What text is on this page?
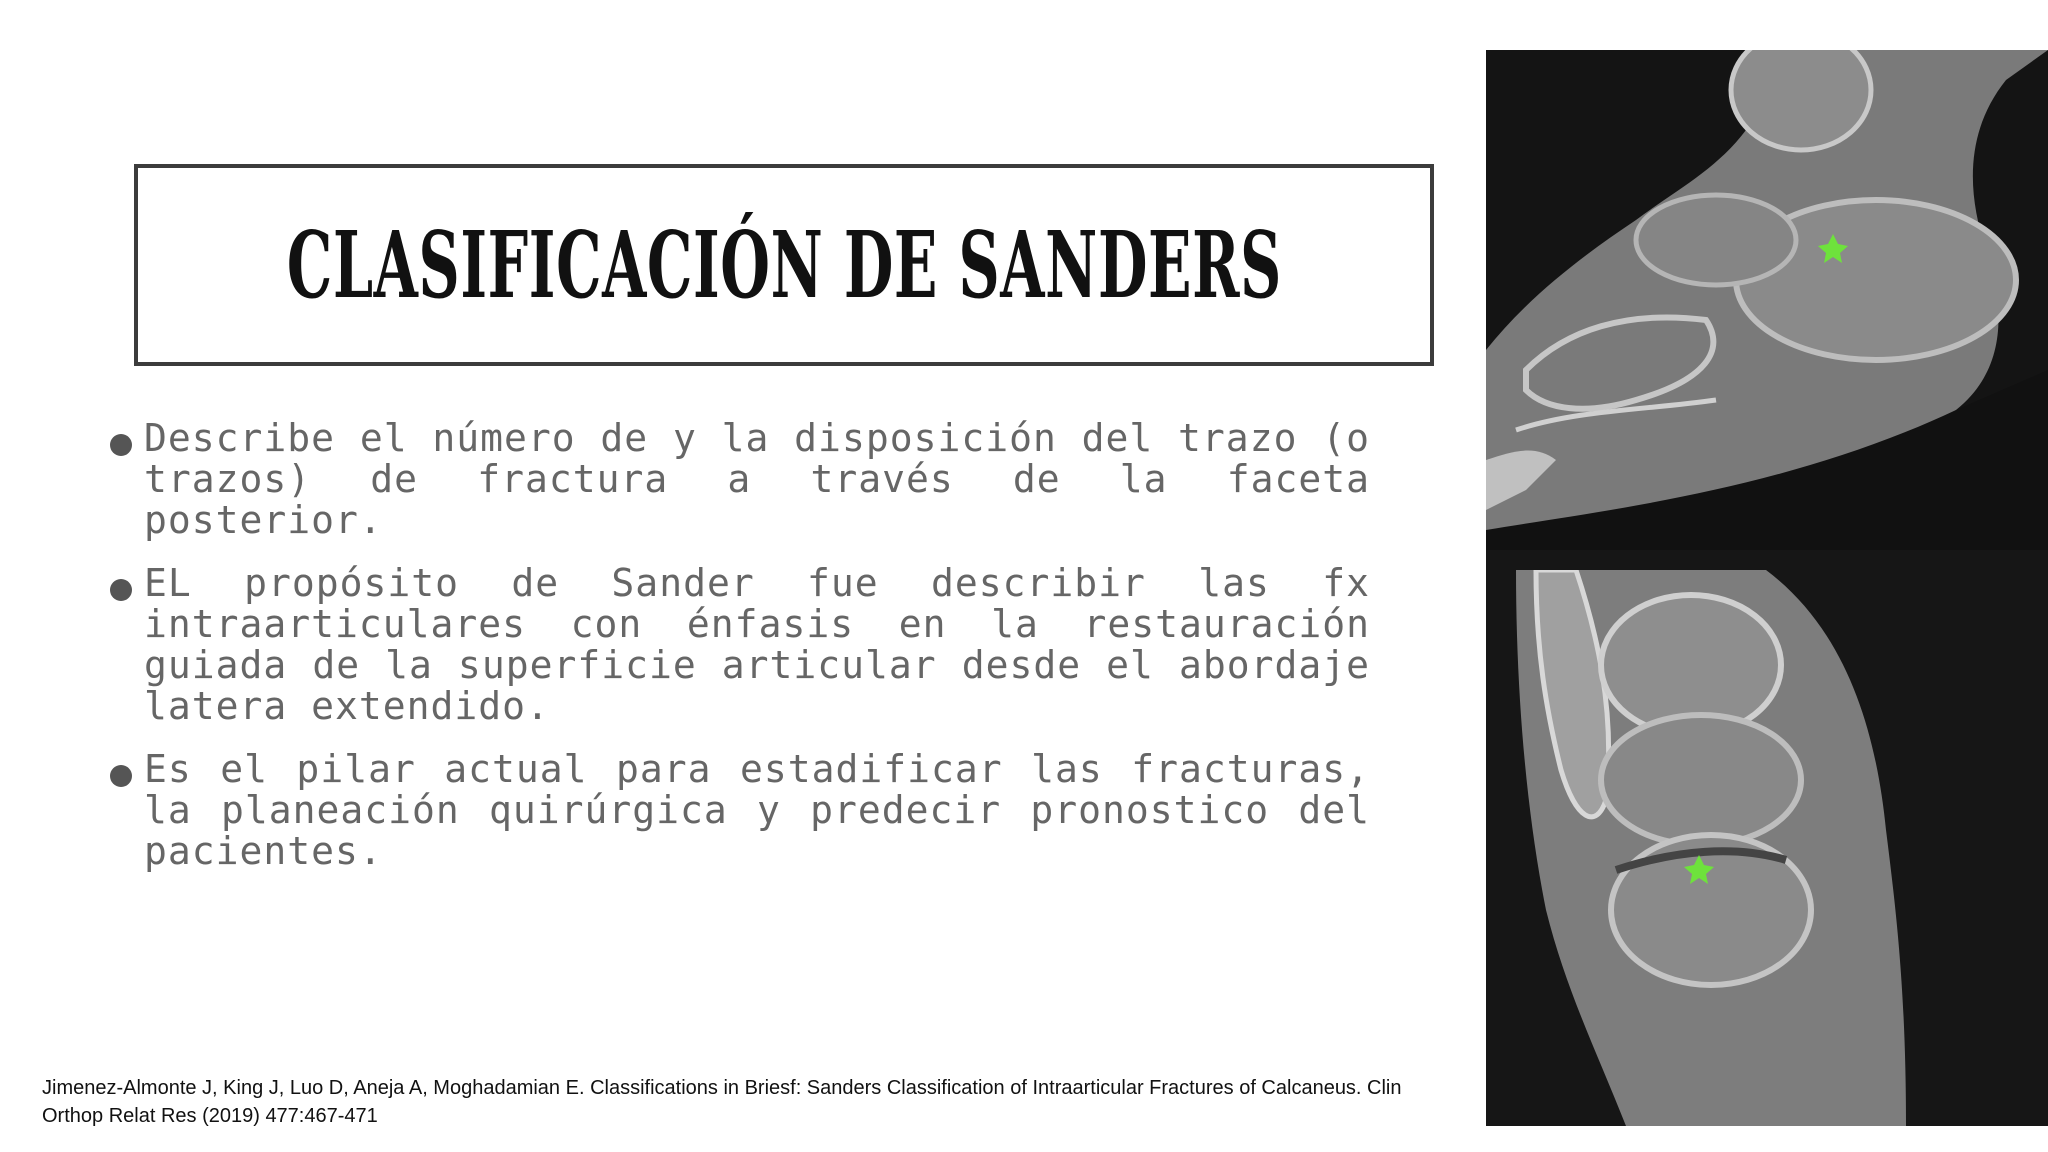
CLASIFICACIÓN DE SANDERS

Describe el número de y la disposición del trazo (o trazos) de fractura a través de la faceta posterior.

EL propósito de Sander fue describir las fx intraarticulares con énfasis en la restauración guiada de la superficie articular desde el abordaje latera extendido.

Es el pilar actual para estadificar las fracturas, la planeación quirúrgica y predecir pronostico del pacientes.

Jimenez-Almonte J, King J, Luo D, Aneja A, Moghadamian E. Classifications in Briesf: Sanders Classification of Intraarticular Fractures of Calcaneus. Clin Orthop Relat Res (2019) 477:467-471
